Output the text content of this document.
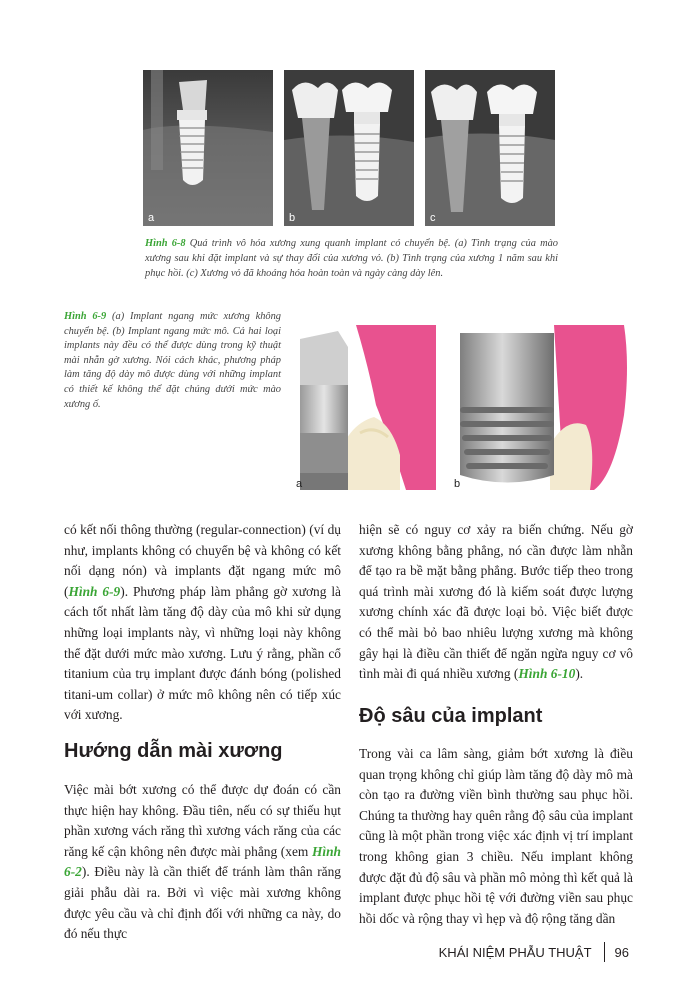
a	b	c
Hình 6-8 Quá trình vô hóa xương xung quanh implant có chuyển bệ. (a) Tình trạng của mào xương sau khi đặt implant và sự thay đổi của xương vỏ. (b) Tình trạng của xương 1 năm sau khi phục hồi. (c) Xương vỏ đã khoáng hóa hoàn toàn và ngày càng dày lên.
Hình 6-9 (a) Implant ngang mức xương không chuyển bệ. (b) Implant ngang mức mô. Cả hai loại implants này đều có thể được dùng trong kỹ thuật mài nhẵn gờ xương. Nói cách khác, phương pháp làm tăng độ dày mô được dùng với những implant có thiết kế không thể đặt chúng dưới mức mào xương ố.
a	b

có kết nối thông thường (regular-connection) (ví dụ như, implants không có chuyển bệ và không có kết nối dạng nón) và implants đặt ngang mức mô (Hình 6-9). Phương pháp làm phẳng gờ xương là cách tốt nhất làm tăng độ dày của mô khi sử dụng những loại implants này, vì những loại này không thể đặt dưới mức mào xương. Lưu ý rằng, phần cổ titanium của trụ implant được đánh bóng (polished titani-um collar) ở mức mô không nên có tiếp xúc với xương.

Hướng dẫn mài xương

Việc mài bớt xương có thể được dự đoán có cần thực hiện hay không. Đầu tiên, nếu có sự thiếu hụt phần xương vách răng thì xương vách răng của các răng kế cận không nên được mài phẳng (xem Hình 6-2). Điều này là cần thiết để tránh làm thân răng giải phẫu dài ra. Bởi vì việc mài xương không được yêu cầu và chỉ định đối với những ca này, do đó nếu thực

hiện sẽ có nguy cơ xảy ra biến chứng. Nếu gờ xương không bằng phẳng, nó cần được làm nhẵn để tạo ra bề mặt bằng phẳng. Bước tiếp theo trong quá trình mài xương đó là kiếm soát được lượng xương chính xác đã được loại bỏ. Việc biết được có thể mài bỏ bao nhiêu lượng xương mà không gây hại là điều cần thiết để ngăn ngừa nguy cơ vô tình mài đi quá nhiều xương (Hình 6-10).

Độ sâu của implant

Trong vài ca lâm sàng, giảm bớt xương là điều quan trọng không chỉ giúp làm tăng độ dày mô mà còn tạo ra đường viền bình thường sau phục hồi. Chúng ta thường hay quên rằng độ sâu của implant cũng là một phần trong việc xác định vị trí implant trong không gian 3 chiều. Nếu implant không được đặt đủ độ sâu và phần mô mỏng thì kết quả là implant được phục hồi tệ với đường viền sau phục hồi dốc và rộng thay vì hẹp và độ rộng tăng dần

KHÁI NIỆM PHẪU THUẬT 96
